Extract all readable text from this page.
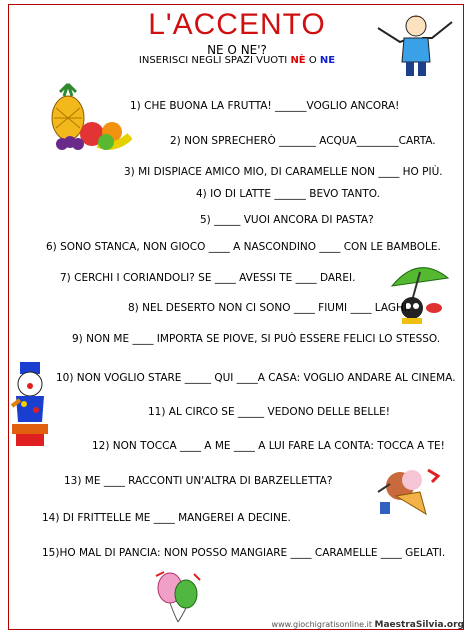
L'ACCENTO
NE O NE'?
INSERISCI NEGLI SPAZI VUOTI NÈ O NE
1) CHE BUONA LA FRUTTA! ______VOGLIO ANCORA!
2) NON SPRECHERÒ _______ ACQUA________CARTA.
3) MI DISPIACE AMICO MIO, DI CARAMELLE NON ____ HO PIÙ.
4) IO DI LATTE ______ BEVO TANTO.
5) _____ VUOI ANCORA DI PASTA?
6) SONO STANCA, NON GIOCO ____ A NASCONDINO ____ CON LE BAMBOLE.
7) CERCHI I CORIANDOLI? SE ____ AVESSI TE ____ DAREI.
8) NEL DESERTO NON CI SONO ____ FIUMI ____ LAGHI.
9) NON ME ____ IMPORTA SE PIOVE, SI PUÒ ESSERE FELICI LO STESSO.
10) NON VOGLIO STARE _____ QUI ____A CASA: VOGLIO ANDARE AL CINEMA.
11) AL CIRCO SE _____ VEDONO DELLE BELLE!
12) NON TOCCA ____ A ME ____ A LUI FARE LA CONTA: TOCCA A TE!
13) ME ____ RACCONTI UN'ALTRA DI BARZELLETTA?
14) DI FRITTELLE ME ____ MANGEREI A DECINE.
15)HO MAL DI PANCIA: NON POSSO MANGIARE ____ CARAMELLE ____ GELATI.
www.giochigratisonline.it MaestraSilvia.org
